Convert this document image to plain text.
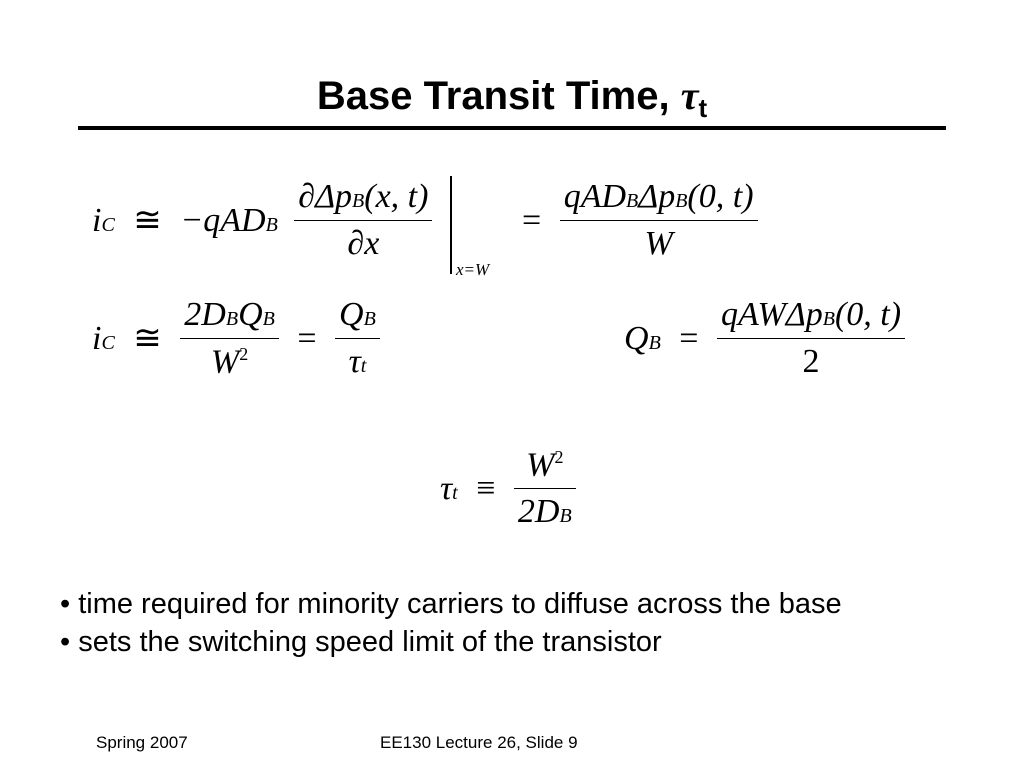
Base Transit Time, $\tau_t$
iC ≅ −qADB $\frac{\text{∂ΔpB(x, t)}}{\partial x}$
x=W
= $\frac{\text{qADBΔpB(0, t)}}{W}$
iC ≅ $\frac{\text{2DBQB}}{W^2} = \frac{QB}{\tau t}$	QB = $\frac{\text{qAWΔpB(0, t)}}{2}$
$\tau t \equiv \frac{W^2}{2DB}$
• time required for minority carriers to diffuse across the base
• sets the switching speed limit of the transistor
Spring 2007	EE130 Lecture 26, Slide 9
